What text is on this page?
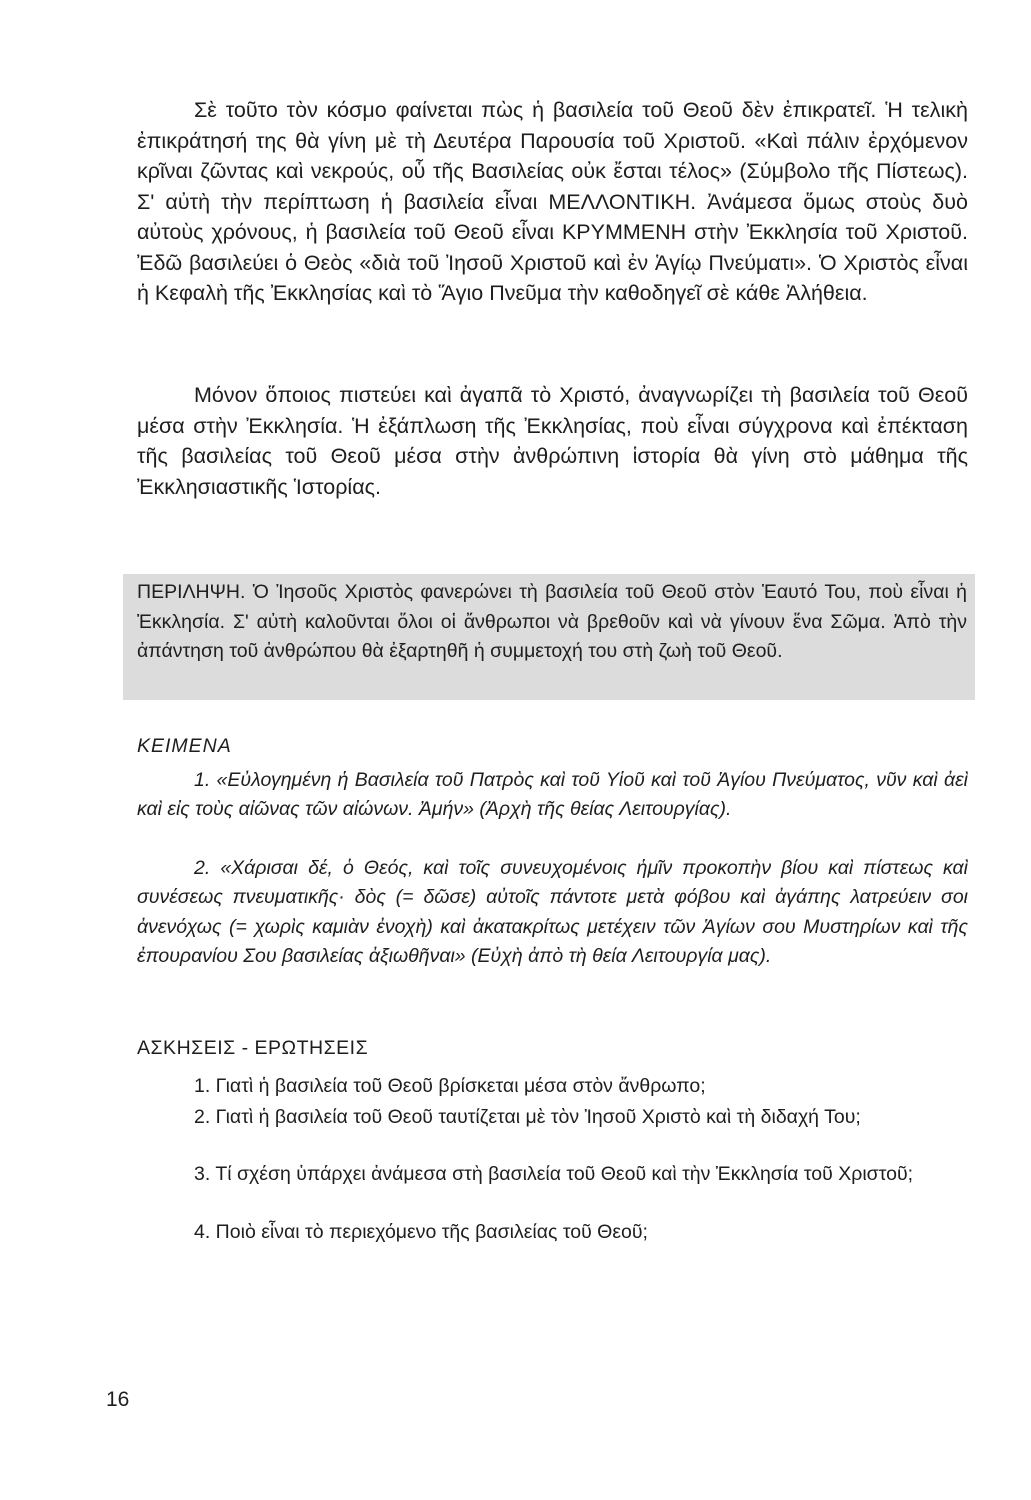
Σὲ τοῦτο τὸν κόσμο φαίνεται πὼς ἡ βασιλεία τοῦ Θεοῦ δὲν ἐπικρατεῖ. Ἡ τελικὴ ἐπικράτησή της θὰ γίνη μὲ τὴ Δευτέρα Παρουσία τοῦ Χριστοῦ. «Καὶ πάλιν ἐρχόμενον κρῖναι ζῶντας καὶ νεκρούς, οὗ τῆς Βασιλείας οὐκ ἔσται τέλος» (Σύμβολο τῆς Πίστεως). Σ' αὐτὴ τὴν περίπτωση ἡ βασιλεία εἶναι ΜΕΛΛΟΝΤΙΚΗ. Ἀνάμεσα ὅμως στοὺς δυὸ αὐτοὺς χρόνους, ἡ βασιλεία τοῦ Θεοῦ εἶναι ΚΡΥΜΜΕΝΗ στὴν Ἐκκλησία τοῦ Χριστοῦ. Ἐδῶ βασιλεύει ὁ Θεὸς «διὰ τοῦ Ἰησοῦ Χριστοῦ καὶ ἐν Ἁγίῳ Πνεύματι». Ὁ Χριστὸς εἶναι ἡ Κεφαλὴ τῆς Ἐκκλησίας καὶ τὸ Ἅγιο Πνεῦμα τὴν καθοδηγεῖ σὲ κάθε Ἀλήθεια.

Μόνον ὅποιος πιστεύει καὶ ἀγαπᾶ τὸ Χριστό, ἀναγνωρίζει τὴ βασιλεία τοῦ Θεοῦ μέσα στὴν Ἐκκλησία. Ἡ ἐξάπλωση τῆς Ἐκκλησίας, ποὺ εἶναι σύγχρονα καὶ ἐπέκταση τῆς βασιλείας τοῦ Θεοῦ μέσα στὴν ἀνθρώπινη ἱστορία θὰ γίνη στὸ μάθημα τῆς Ἐκκλησιαστικῆς Ἱστορίας.

ΠΕΡΙΛΗΨΗ. Ὁ Ἰησοῦς Χριστὸς φανερώνει τὴ βασιλεία τοῦ Θεοῦ στὸν Ἑαυτό Του, ποὺ εἶναι ἡ Ἐκκλησία. Σ' αὐτὴ καλοῦνται ὅλοι οἱ ἄνθρωποι νὰ βρεθοῦν καὶ νὰ γίνουν ἕνα Σῶμα. Ἀπὸ τὴν ἀπάντηση τοῦ ἀνθρώπου θὰ ἐξαρτηθῆ ἡ συμμετοχή του στὴ ζωὴ τοῦ Θεοῦ.

ΚΕΙΜΕΝΑ

1. «Εὐλογημένη ἡ Βασιλεία τοῦ Πατρὸς καὶ τοῦ Υἱοῦ καὶ τοῦ Ἁγίου Πνεύματος, νῦν καὶ ἀεὶ καὶ εἰς τοὺς αἰῶνας τῶν αἰώνων. Ἀμήν» (Ἀρχὴ τῆς θείας Λειτουργίας).

2. «Χάρισαι δέ, ὁ Θεός, καὶ τοῖς συνευχομένοις ἡμῖν προκοπὴν βίου καὶ πίστεως καὶ συνέσεως πνευματικῆς· δὸς (= δῶσε) αὐτοῖς πάντοτε μετὰ φόβου καὶ ἀγάπης λατρεύειν σοι ἀνενόχως (= χωρὶς καμιὰν ἐνοχὴ) καὶ ἀκατακρίτως μετέχειν τῶν Ἁγίων σου Μυστηρίων καὶ τῆς ἐπουρανίου Σου βασιλείας ἀξιωθῆναι» (Εὐχὴ ἀπὸ τὴ θεία Λειτουργία μας).

ΑΣΚΗΣΕΙΣ - ΕΡΩΤΗΣΕΙΣ

1. Γιατὶ ἡ βασιλεία τοῦ Θεοῦ βρίσκεται μέσα στὸν ἄνθρωπο;

2. Γιατὶ ἡ βασιλεία τοῦ Θεοῦ ταυτίζεται μὲ τὸν Ἰησοῦ Χριστὸ καὶ τὴ διδαχή Του;

3. Τί σχέση ὑπάρχει ἀνάμεσα στὴ βασιλεία τοῦ Θεοῦ καὶ τὴν Ἐκκλησία τοῦ Χριστοῦ;

4. Ποιὸ εἶναι τὸ περιεχόμενο τῆς βασιλείας τοῦ Θεοῦ;

16
